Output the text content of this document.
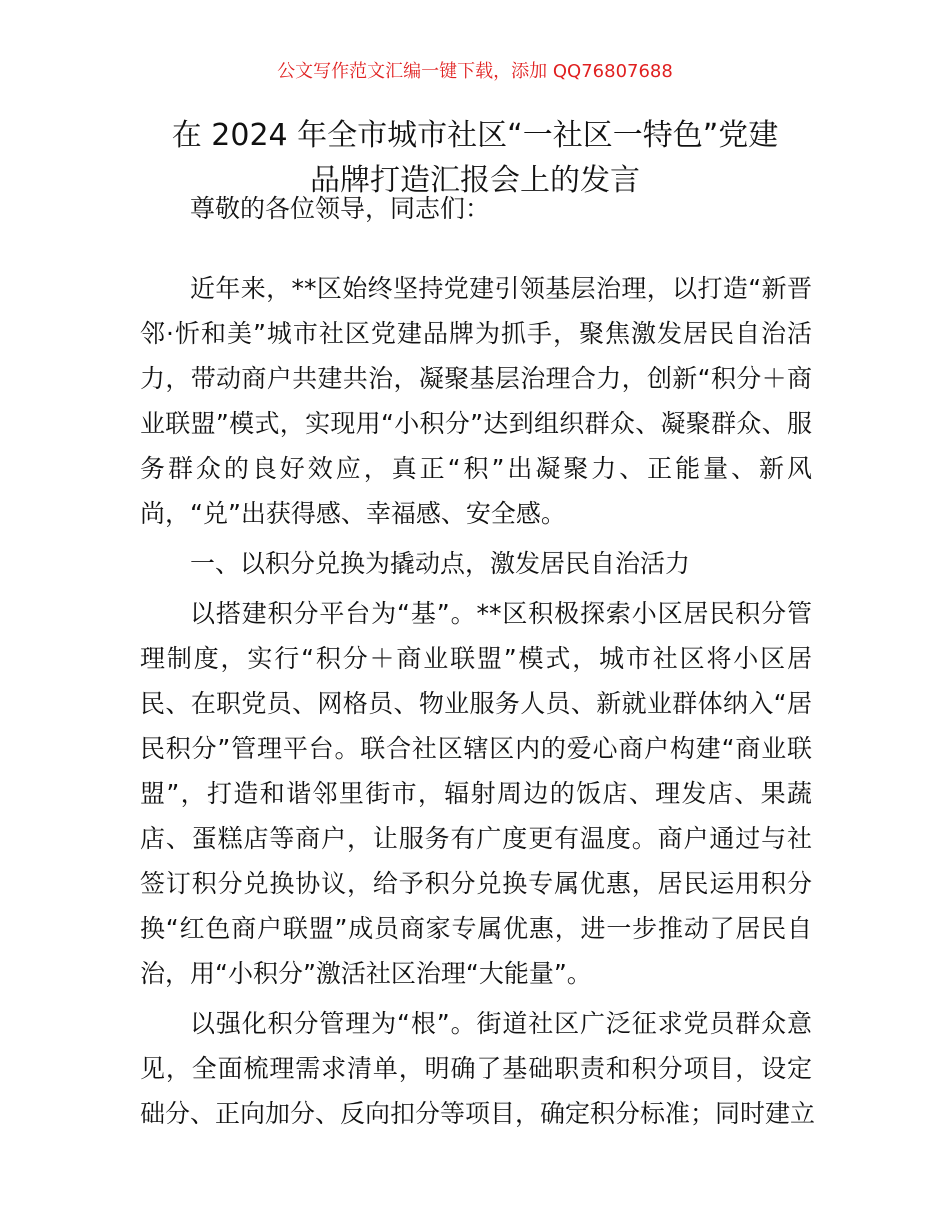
公文写作范文汇编一键下载，添加 QQ76807688
在 2024 年全市城市社区“一社区一特色”党建
品牌打造汇报会上的发言
尊敬的各位领导，同志们：
近年来，**区始终坚持党建引领基层治理，以打造“新晋
邻·忻和美”城市社区党建品牌为抓手，聚焦激发居民自治活
力，带动商户共建共治，凝聚基层治理合力，创新“积分＋商
业联盟”模式，实现用“小积分”达到组织群众、凝聚群众、服
务群众的良好效应，真正“积”出凝聚力、正能量、新风
尚，“兑”出获得感、幸福感、安全感。
一、以积分兑换为撬动点，激发居民自治活力
以搭建积分平台为“基”。**区积极探索小区居民积分管
理制度，实行“积分＋商业联盟”模式，城市社区将小区居
民、在职党员、网格员、物业服务人员、新就业群体纳入“居
民积分”管理平台。联合社区辖区内的爱心商户构建“商业联
盟”，打造和谐邻里街市，辐射周边的饭店、理发店、果蔬
店、蛋糕店等商户，让服务有广度更有温度。商户通过与社
签订积分兑换协议，给予积分兑换专属优惠，居民运用积分
换“红色商户联盟”成员商家专属优惠，进一步推动了居民自
治，用“小积分”激活社区治理“大能量”。
以强化积分管理为“根”。街道社区广泛征求党员群众意
见，全面梳理需求清单，明确了基础职责和积分项目，设定
础分、正向加分、反向扣分等项目，确定积分标准；同时建立
